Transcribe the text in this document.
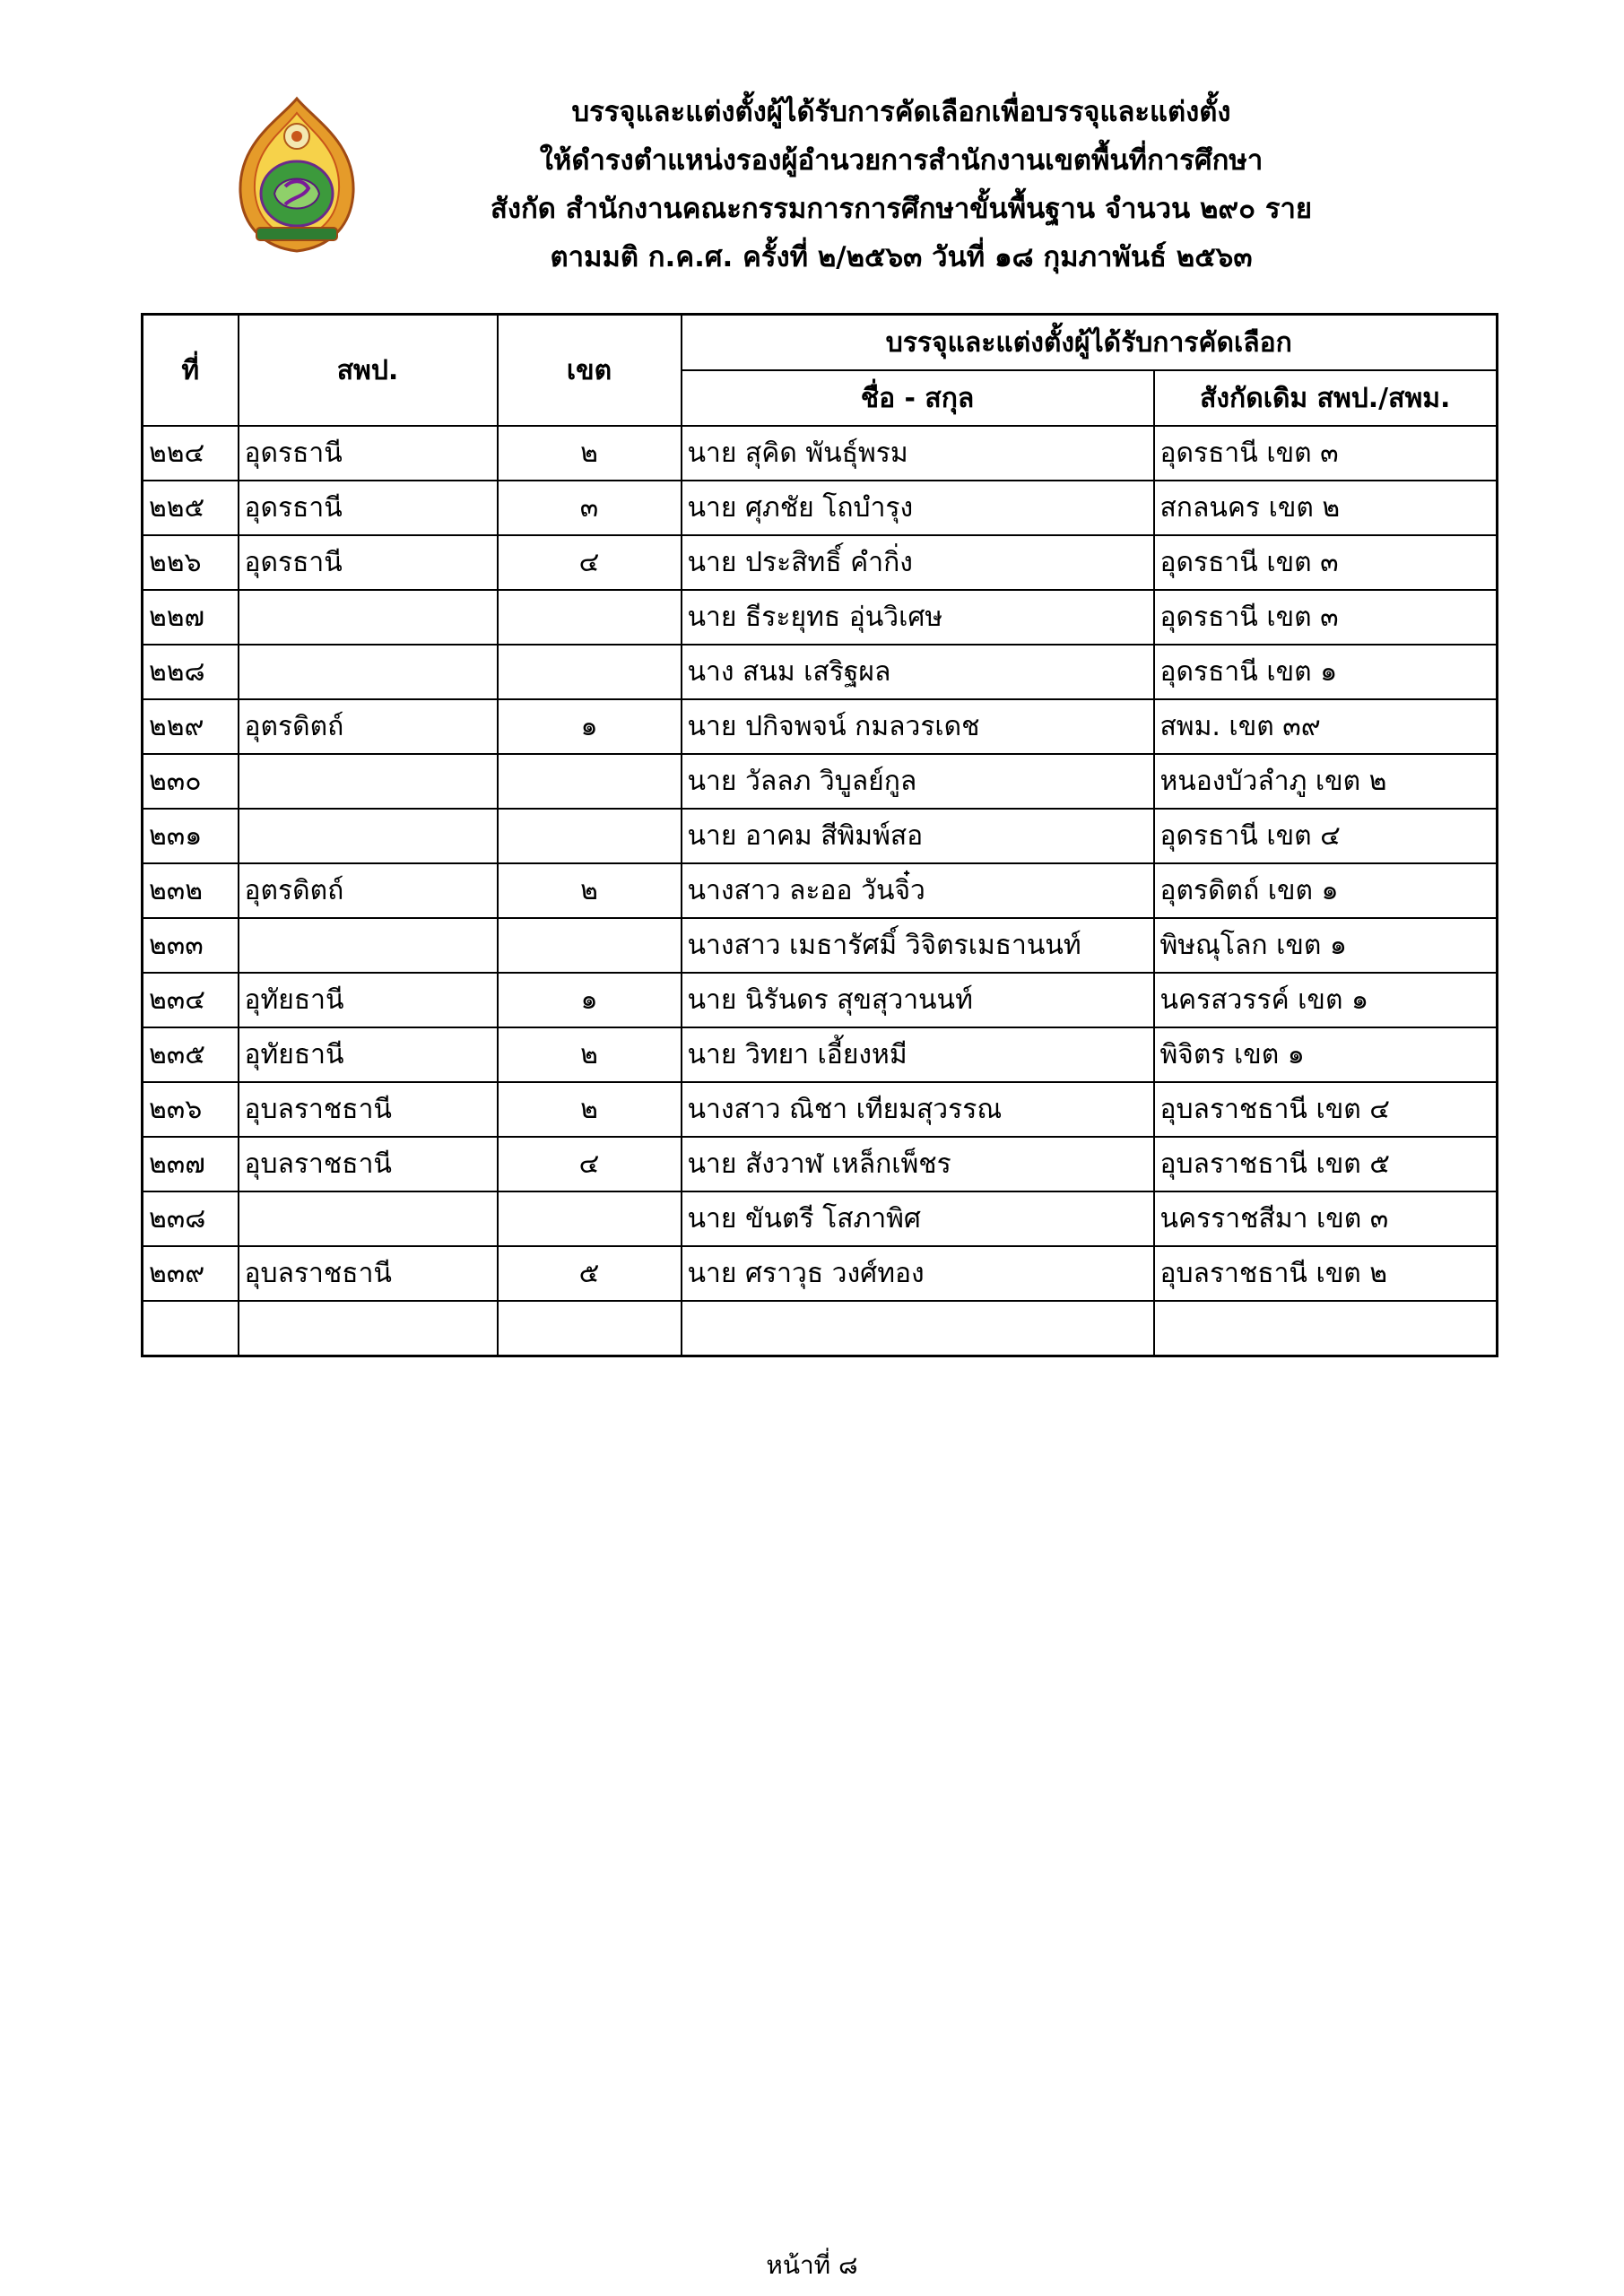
บรรจุและแต่งตั้งผู้ได้รับการคัดเลือกเพื่อบรรจุและแต่งตั้ง
ให้ดำรงตำแหน่งรองผู้อำนวยการสำนักงานเขตพื้นที่การศึกษา
สังกัด สำนักงานคณะกรรมการการศึกษาขั้นพื้นฐาน จำนวน ๒๙๐ ราย
ตามมติ ก.ค.ศ. ครั้งที่ ๒/๒๕๖๓ วันที่ ๑๘ กุมภาพันธ์ ๒๕๖๓
ที่	สพป.	เขต	บรรจุและแต่งตั้งผู้ได้รับการคัดเลือก	
			ชื่อ - สกุล	สังกัดเดิม สพป./สพม.
๒๒๔	อุดรธานี	๒	นาย สุคิด พันธุ์พรม	อุดรธานี เขต ๓
๒๒๕	อุดรธานี	๓	นาย ศุภชัย โถบำรุง	สกลนคร เขต ๒
๒๒๖	อุดรธานี	๔	นาย ประสิทธิ์ คำกิ่ง	อุดรธานี เขต ๓
๒๒๗			นาย ธีระยุทธ อุ่นวิเศษ	อุดรธานี เขต ๓
๒๒๘			นาง สนม เสริฐผล	อุดรธานี เขต ๑
๒๒๙	อุตรดิตถ์	๑	นาย ปกิจพจน์ กมลวรเดช	สพม. เขต ๓๙
๒๓๐			นาย วัลลภ วิบูลย์กูล	หนองบัวลำภู เขต ๒
๒๓๑			นาย อาคม สีพิมพ์สอ	อุดรธานี เขต ๔
๒๓๒	อุตรดิตถ์	๒	นางสาว ละออ วันจิ๋ว	อุตรดิตถ์ เขต ๑
๒๓๓			นางสาว เมธารัศมิ์ วิจิตรเมธานนท์	พิษณุโลก เขต ๑
๒๓๔	อุทัยธานี	๑	นาย นิรันดร สุขสุวานนท์	นครสวรรค์ เขต ๑
๒๓๕	อุทัยธานี	๒	นาย วิทยา เอี้ยงหมี	พิจิตร เขต ๑
๒๓๖	อุบลราชธานี	๒	นางสาว ณิชา เทียมสุวรรณ	อุบลราชธานี เขต ๔
๒๓๗	อุบลราชธานี	๔	นาย สังวาฬ เหล็กเพ็ชร	อุบลราชธานี เขต ๕
๒๓๘			นาย ขันตรี โสภาพิศ	นครราชสีมา เขต ๓
๒๓๙	อุบลราชธานี	๕	นาย ศราวุธ วงศ์ทอง	อุบลราชธานี เขต ๒

หน้าที่ ๘
